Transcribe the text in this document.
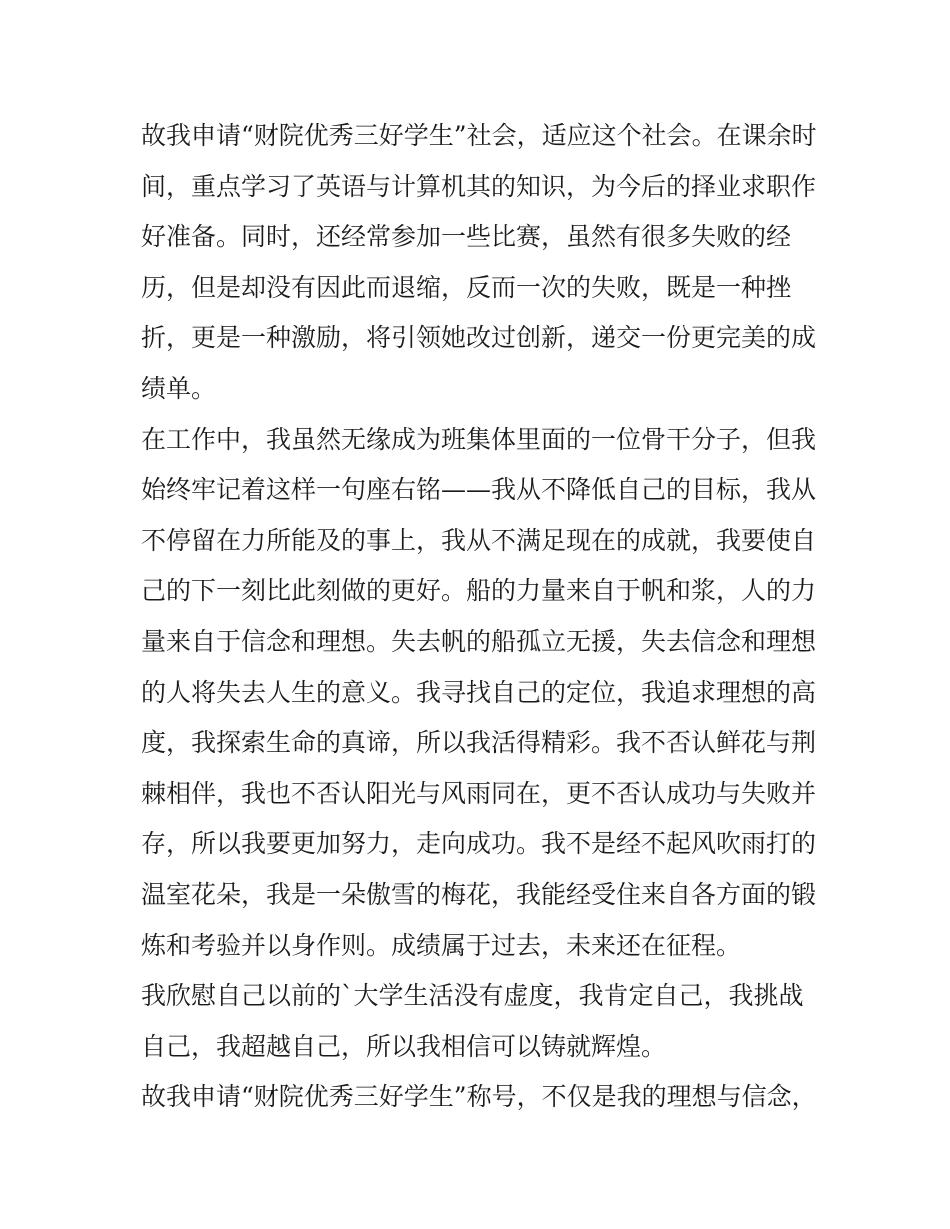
故我申请“财院优秀三好学生”社会，适应这个社会。在课余时
间，重点学习了英语与计算机其的知识，为今后的择业求职作
好准备。同时，还经常参加一些比赛，虽然有很多失败的经
历，但是却没有因此而退缩，反而一次的失败，既是一种挫
折，更是一种激励，将引领她改过创新，递交一份更完美的成
绩单。
在工作中，我虽然无缘成为班集体里面的一位骨干分子，但我
始终牢记着这样一句座右铭——我从不降低自己的目标，我从
不停留在力所能及的事上，我从不满足现在的成就，我要使自
己的下一刻比此刻做的更好。船的力量来自于帆和浆，人的力
量来自于信念和理想。失去帆的船孤立无援，失去信念和理想
的人将失去人生的意义。我寻找自己的定位，我追求理想的高
度，我探索生命的真谛，所以我活得精彩。我不否认鲜花与荆
棘相伴，我也不否认阳光与风雨同在，更不否认成功与失败并
存，所以我要更加努力，走向成功。我不是经不起风吹雨打的
温室花朵，我是一朵傲雪的梅花，我能经受住来自各方面的锻
炼和考验并以身作则。成绩属于过去，未来还在征程。
我欣慰自己以前的`大学生活没有虚度，我肯定自己，我挑战
自己，我超越自己，所以我相信可以铸就辉煌。
故我申请“财院优秀三好学生”称号，不仅是我的理想与信念，
